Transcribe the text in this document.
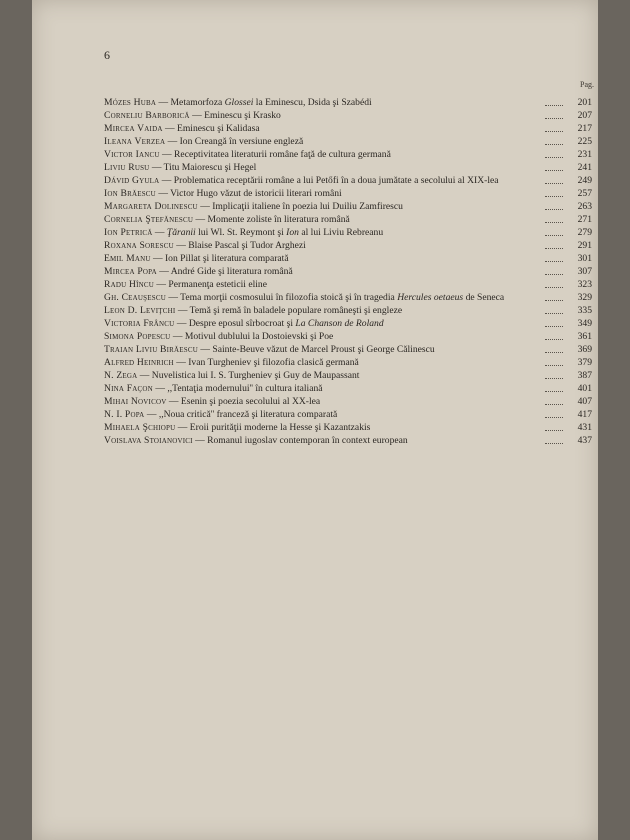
6
Pag.
Mózes Huba — Metamorfoza Glossei la Eminescu, Dsida şi Szabédi	201
Corneliu Barborică — Eminescu şi Krasko	207
Mircea Vaida — Eminescu şi Kalidasa	217
Ileana Verzea — Ion Creangă în versiune engleză	225
Victor Iancu — Receptivitatea literaturii române faţă de cultura germană	231
Liviu Rusu — Titu Maiorescu şi Hegel	241
Dávid Gyula — Problematica receptării române a lui Petőfi în a doua jumătate a secolului al XIX-lea	249
Ion Brăescu — Victor Hugo văzut de istoricii literari români	257
Margareta Dolinescu — Implicaţii italiene în poezia lui Duiliu Zamfirescu	263
Cornelia Ştefănescu — Momente zoliste în literatura română	271
Ion Petrică — Ţăranii lui Wl. St. Reymont şi Ion al lui Liviu Rebreanu	279
Roxana Sorescu — Blaise Pascal şi Tudor Arghezi	291
Emil Manu — Ion Pillat şi literatura comparată	301
Mircea Popa — André Gide şi literatura română	307
Radu Hîncu — Permanenţa esteticii eline	323
Gh. Ceauşescu — Tema morţii cosmosului în filozofia stoică şi în tragedia Hercules oetaeus de Seneca	329
Leon D. Leviţchi — Temă şi remă în baladele populare româneşti şi engleze	335
Victoria Frâncu — Despre eposul sîrbocroat şi La Chanson de Roland	349
Simona Popescu — Motivul dublului la Dostoievski şi Poe	361
Traian Liviu Birăescu — Sainte-Beuve văzut de Marcel Proust şi George Călinescu	369
Alfred Heinrich — Ivan Turgheniev şi filozofia clasică germană	379
N. Zega — Nuvelistica lui I. S. Turgheniev şi Guy de Maupassant	387
Nina Façon — ,,Tentaţia modernului'' în cultura italiană	401
Mihai Novicov — Esenin şi poezia secolului al XX-lea	407
N. I. Popa — ,,Noua critică'' franceză şi literatura comparată	417
Mihaela Şchiopu — Eroii purităţii moderne la Hesse şi Kazantzakis	431
Voislava Stoianovici — Romanul iugoslav contemporan în context european	437
